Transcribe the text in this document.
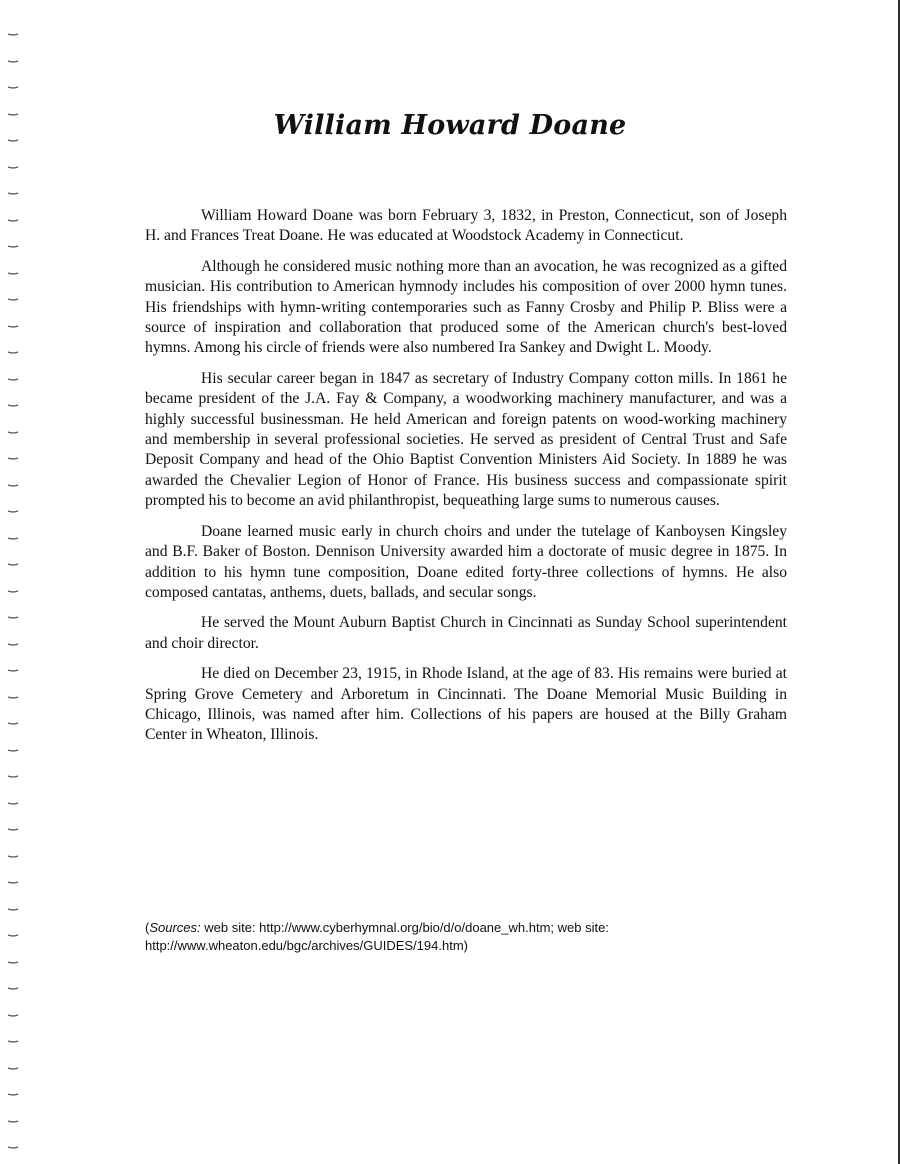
William Howard Doane

William Howard Doane was born February 3, 1832, in Preston, Connecticut, son of Joseph H. and Frances Treat Doane. He was educated at Woodstock Academy in Connecticut.

Although he considered music nothing more than an avocation, he was recognized as a gifted musician. His contribution to American hymnody includes his composition of over 2000 hymn tunes. His friendships with hymn-writing contemporaries such as Fanny Crosby and Philip P. Bliss were a source of inspiration and collaboration that produced some of the American church's best-loved hymns. Among his circle of friends were also numbered Ira Sankey and Dwight L. Moody.

His secular career began in 1847 as secretary of Industry Company cotton mills. In 1861 he became president of the J.A. Fay & Company, a woodworking machinery manufacturer, and was a highly successful businessman. He held American and foreign patents on wood-working machinery and membership in several professional societies. He served as president of Central Trust and Safe Deposit Company and head of the Ohio Baptist Convention Ministers Aid Society. In 1889 he was awarded the Chevalier Legion of Honor of France. His business success and compassionate spirit prompted his to become an avid philanthropist, bequeathing large sums to numerous causes.

Doane learned music early in church choirs and under the tutelage of Kanboysen Kingsley and B.F. Baker of Boston. Dennison University awarded him a doctorate of music degree in 1875. In addition to his hymn tune composition, Doane edited forty-three collections of hymns. He also composed cantatas, anthems, duets, ballads, and secular songs.

He served the Mount Auburn Baptist Church in Cincinnati as Sunday School superintendent and choir director.

He died on December 23, 1915, in Rhode Island, at the age of 83. His remains were buried at Spring Grove Cemetery and Arboretum in Cincinnati. The Doane Memorial Music Building in Chicago, Illinois, was named after him. Collections of his papers are housed at the Billy Graham Center in Wheaton, Illinois.

(Sources: web site: http://www.cyberhymnal.org/bio/d/o/doane_wh.htm; web site: http://www.wheaton.edu/bgc/archives/GUIDES/194.htm)
